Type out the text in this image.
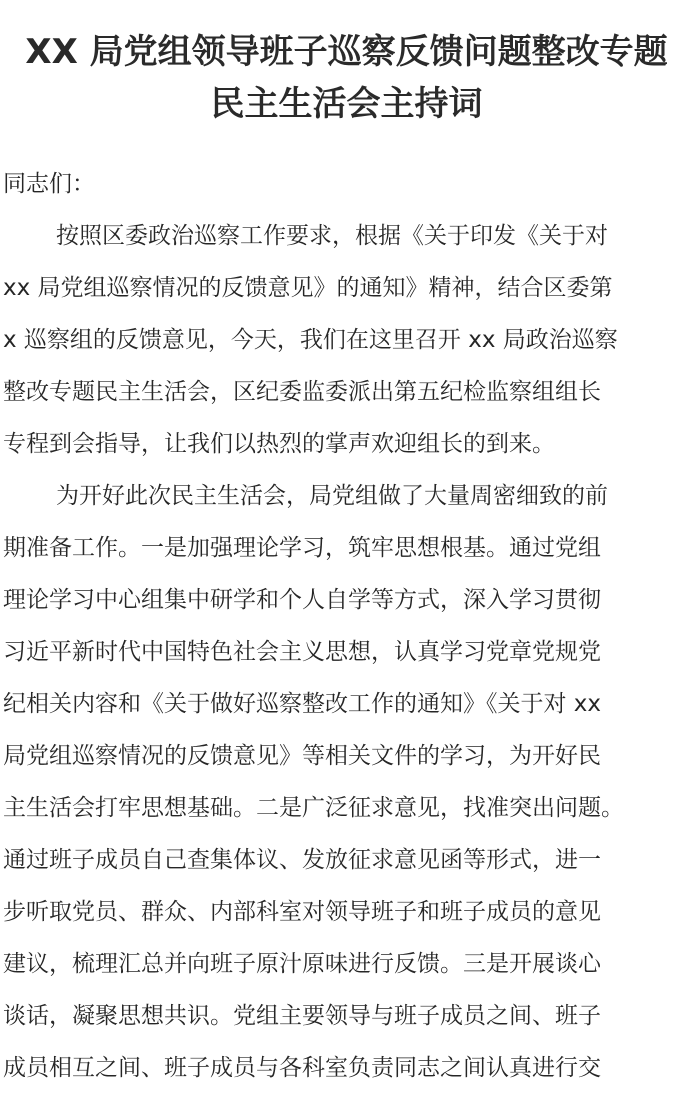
XX 局党组领导班子巡察反馈问题整改专题
民主生活会主持词
同志们：
按照区委政治巡察工作要求，根据《关于印发《关于对
xx 局党组巡察情况的反馈意见》的通知》精神，结合区委第
x 巡察组的反馈意见，今天，我们在这里召开 xx 局政治巡察
整改专题民主生活会，区纪委监委派出第五纪检监察组组长
专程到会指导，让我们以热烈的掌声欢迎组长的到来。
为开好此次民主生活会，局党组做了大量周密细致的前
期准备工作。一是加强理论学习，筑牢思想根基。通过党组
理论学习中心组集中研学和个人自学等方式，深入学习贯彻
习近平新时代中国特色社会主义思想，认真学习党章党规党
纪相关内容和《关于做好巡察整改工作的通知》《关于对 xx
局党组巡察情况的反馈意见》等相关文件的学习，为开好民
主生活会打牢思想基础。二是广泛征求意见，找准突出问题。
通过班子成员自己查集体议、发放征求意见函等形式，进一
步听取党员、群众、内部科室对领导班子和班子成员的意见
建议，梳理汇总并向班子原汁原味进行反馈。三是开展谈心
谈话，凝聚思想共识。党组主要领导与班子成员之间、班子
成员相互之间、班子成员与各科室负责同志之间认真进行交
